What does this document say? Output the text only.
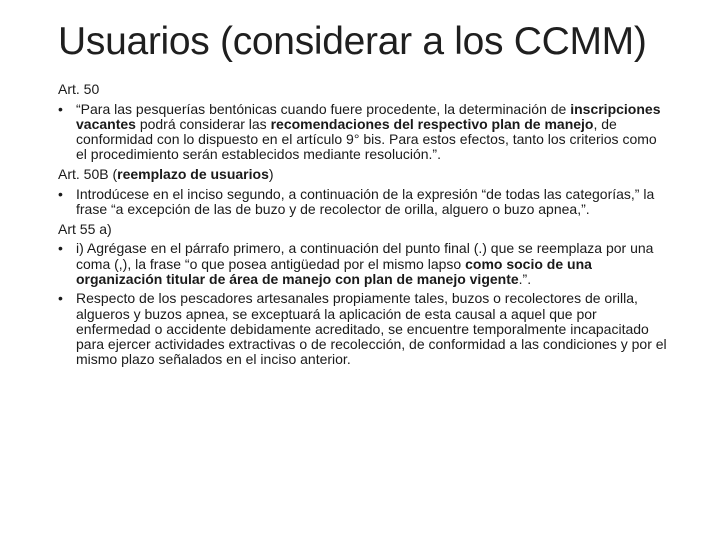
Usuarios (considerar a los CCMM)
Art. 50
• “Para las pesquerías bentónicas cuando fuere procedente, la determinación de inscripciones vacantes podrá considerar las recomendaciones del respectivo plan de manejo, de conformidad con lo dispuesto en el artículo 9° bis. Para estos efectos, tanto los criterios como el procedimiento serán establecidos mediante resolución.”.
Art. 50B (reemplazo de usuarios)
• Introdúcese en el inciso segundo, a continuación de la expresión “de todas las categorías,” la frase “a excepción de las de buzo y de recolector de orilla, alguero o buzo apnea,”.
Art 55 a)
• i) Agrégase en el párrafo primero, a continuación del punto final (.) que se reemplaza por una coma (,), la frase “o que posea antigüedad por el mismo lapso como socio de una organización titular de área de manejo con plan de manejo vigente.”.
• Respecto de los pescadores artesanales propiamente tales, buzos o recolectores de orilla, algueros y buzos apnea, se exceptuará la aplicación de esta causal a aquel que por enfermedad o accidente debidamente acreditado, se encuentre temporalmente incapacitado para ejercer actividades extractivas o de recolección, de conformidad a las condiciones y por el mismo plazo señalados en el inciso anterior.
